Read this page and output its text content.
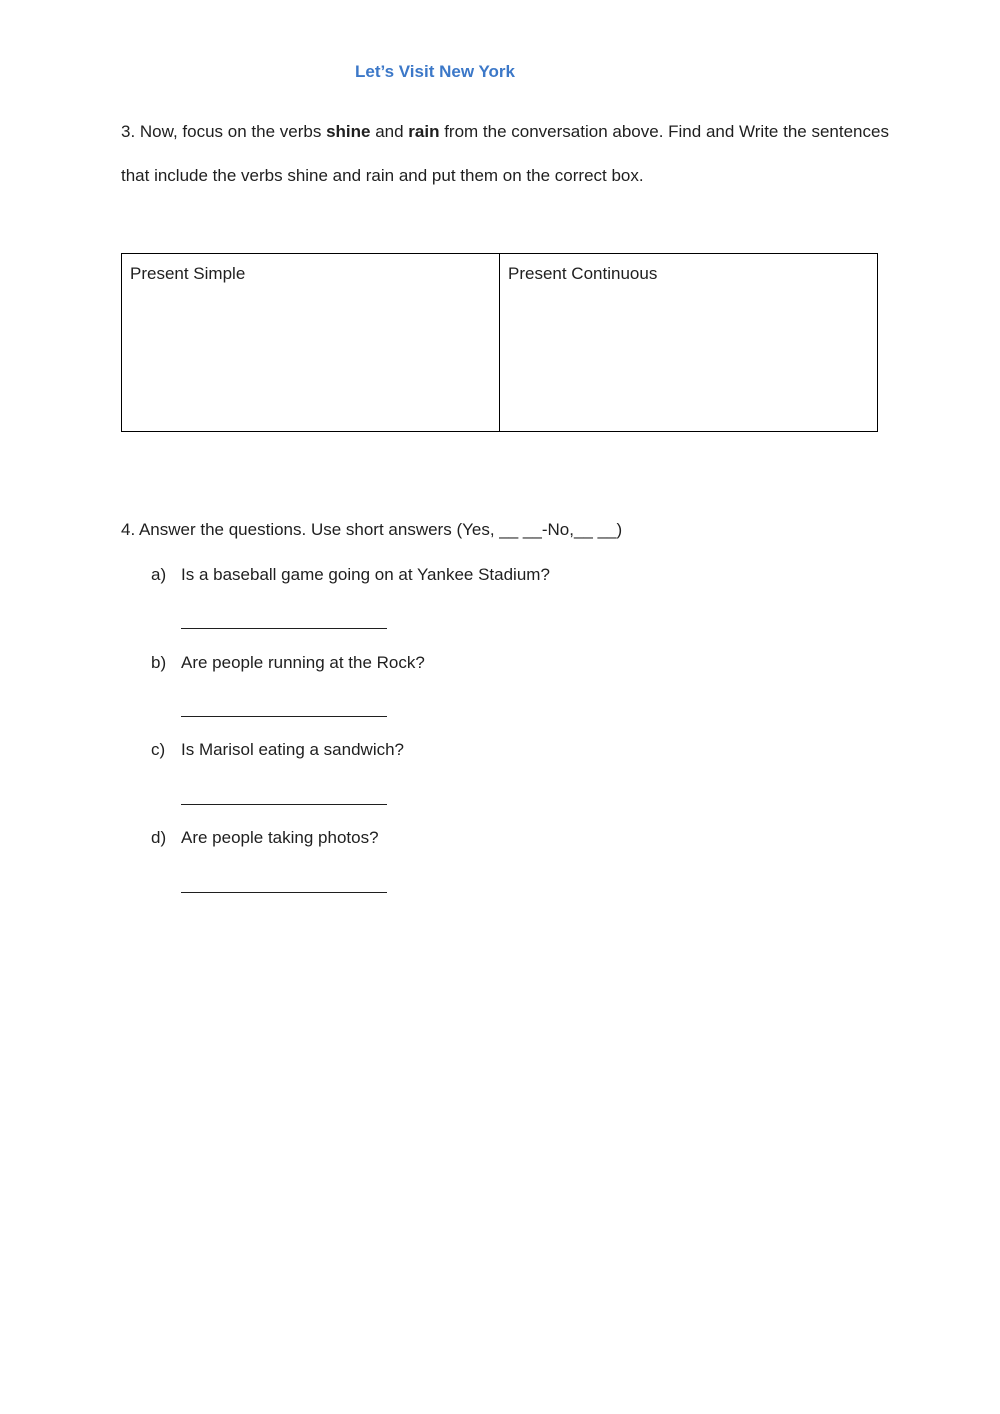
Let’s Visit New York
3. Now, focus on the verbs shine and rain from the conversation above. Find and Write the sentences that include the verbs shine and rain and put them on the correct box.
Present Simple	Present Continuous
4. Answer the questions. Use short answers (Yes, __ __-No,__ __)
a) Is a baseball game going on at Yankee Stadium?
b) Are people running at the Rock?
c) Is Marisol eating a sandwich?
d) Are people taking photos?
